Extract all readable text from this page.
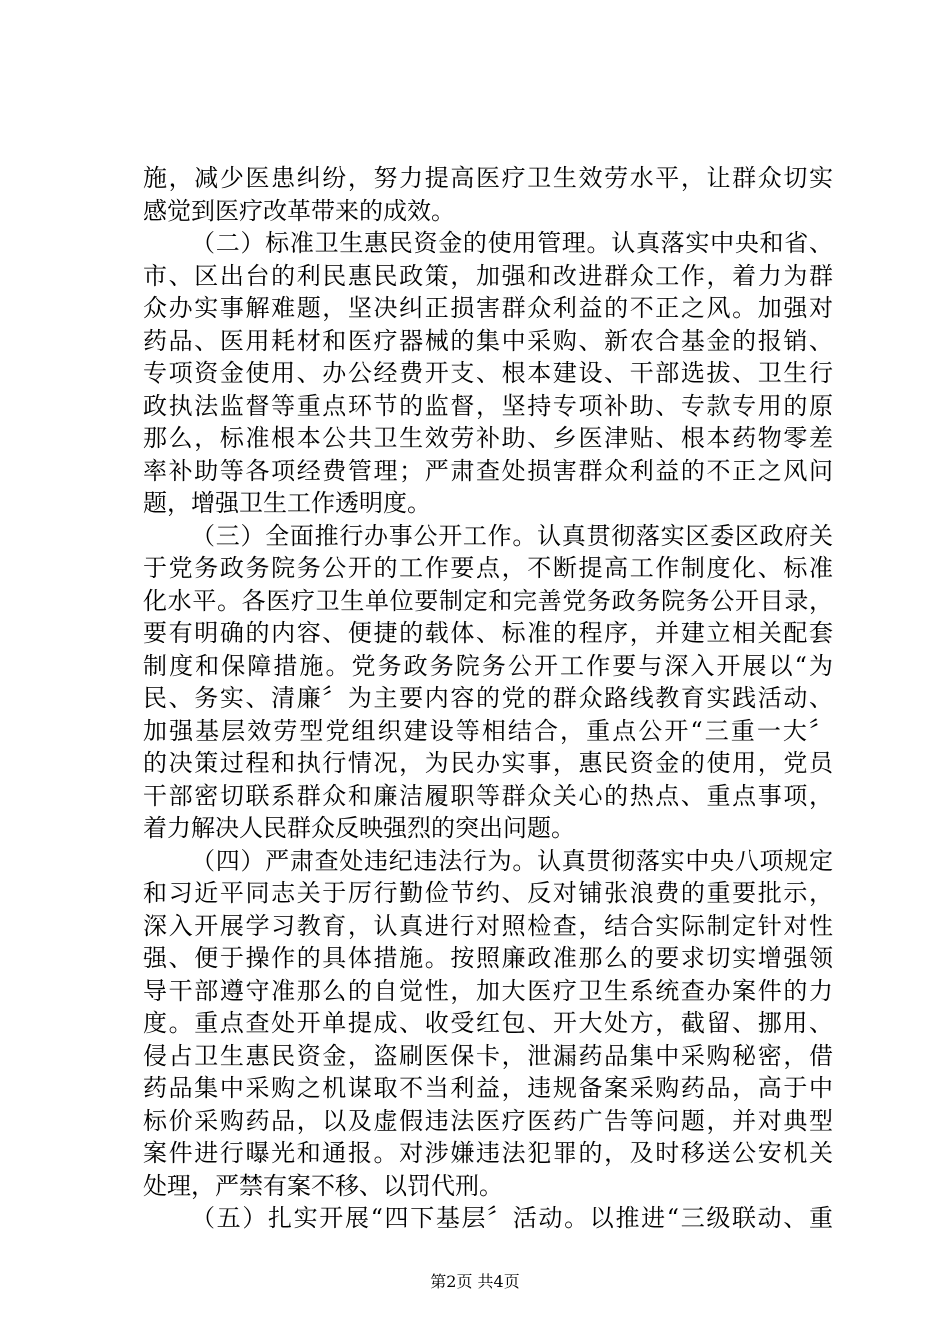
施，减少医患纠纷，努力提高医疗卫生效劳水平，让群众切实
感觉到医疗改革带来的成效。
（二）标准卫生惠民资金的使用管理。认真落实中央和省、
市、区出台的利民惠民政策，加强和改进群众工作，着力为群
众办实事解难题，坚决纠正损害群众利益的不正之风。加强对
药品、医用耗材和医疗器械的集中采购、新农合基金的报销、
专项资金使用、办公经费开支、根本建设、干部选拔、卫生行
政执法监督等重点环节的监督，坚持专项补助、专款专用的原
那么，标准根本公共卫生效劳补助、乡医津贴、根本药物零差
率补助等各项经费管理；严肃查处损害群众利益的不正之风问
题，增强卫生工作透明度。
（三）全面推行办事公开工作。认真贯彻落实区委区政府关
于党务政务院务公开的工作要点，不断提高工作制度化、标准
化水平。各医疗卫生单位要制定和完善党务政务院务公开目录，
要有明确的内容、便捷的载体、标准的程序，并建立相关配套
制度和保障措施。党务政务院务公开工作要与深入开展以“为
民、务实、清廉〞为主要内容的党的群众路线教育实践活动、
加强基层效劳型党组织建设等相结合，重点公开“三重一大〞
的决策过程和执行情况，为民办实事，惠民资金的使用，党员
干部密切联系群众和廉洁履职等群众关心的热点、重点事项，
着力解决人民群众反映强烈的突出问题。
（四）严肃查处违纪违法行为。认真贯彻落实中央八项规定
和习近平同志关于厉行勤俭节约、反对铺张浪费的重要批示，
深入开展学习教育，认真进行对照检查，结合实际制定针对性
强、便于操作的具体措施。按照廉政准那么的要求切实增强领
导干部遵守准那么的自觉性，加大医疗卫生系统查办案件的力
度。重点查处开单提成、收受红包、开大处方，截留、挪用、
侵占卫生惠民资金，盗刷医保卡，泄漏药品集中采购秘密，借
药品集中采购之机谋取不当利益，违规备案采购药品，高于中
标价采购药品，以及虚假违法医疗医药广告等问题，并对典型
案件进行曝光和通报。对涉嫌违法犯罪的，及时移送公安机关
处理，严禁有案不移、以罚代刑。
（五）扎实开展“四下基层〞活动。以推进“三级联动、重
第2页 共4页
